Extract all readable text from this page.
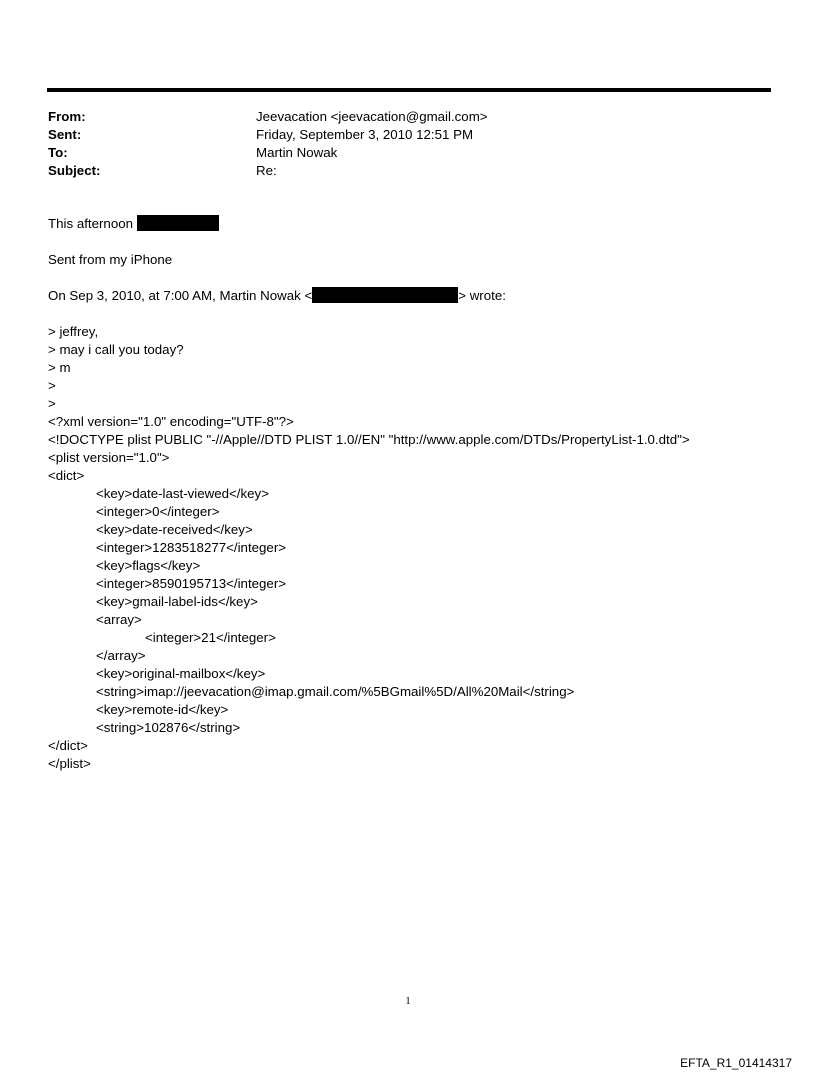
From:	Jeevacation <jeevacation@gmail.com>
Sent:	Friday, September 3, 2010 12:51 PM
To:	Martin Nowak
Subject:	Re:
This afternoon
Sent from my iPhone
On Sep 3, 2010, at 7:00 AM, Martin Nowak <	> wrote:
> jeffrey,
> may i call you today?
> m
>
>
<?xml version="1.0" encoding="UTF-8"?>
<!DOCTYPE plist PUBLIC "-//Apple//DTD PLIST 1.0//EN" "http://www.apple.com/DTDs/PropertyList-1.0.dtd">
<plist version="1.0">
<dict>
<key>date-last-viewed</key>
<integer>0</integer>
<key>date-received</key>
<integer>1283518277</integer>
<key>flags</key>
<integer>8590195713</integer>
<key>gmail-label-ids</key>
<array>
<integer>21</integer>
</array>
<key>original-mailbox</key>
<string>imap://jeevacation@imap.gmail.com/%5BGmail%5D/All%20Mail</string>
<key>remote-id</key>
<string>102876</string>
</dict>
</plist>
1
EFTA_R1_01414317
